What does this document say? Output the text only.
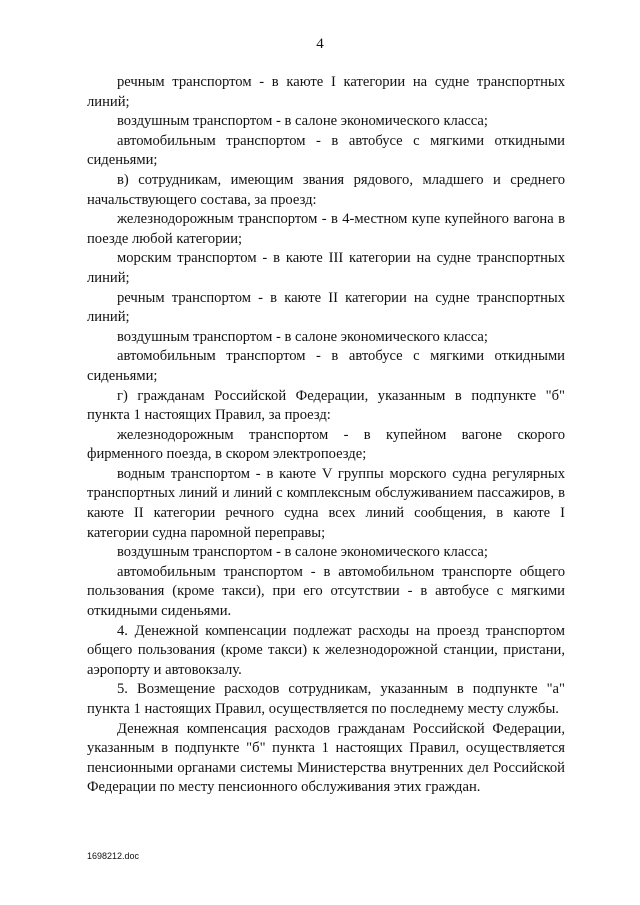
4

речным транспортом - в каюте I категории на судне транспортных линий;

воздушным транспортом - в салоне экономического класса;

автомобильным транспортом - в автобусе с мягкими откидными сиденьями;

в) сотрудникам, имеющим звания рядового, младшего и среднего начальствующего состава, за проезд:

железнодорожным транспортом - в 4-местном купе купейного вагона в поезде любой категории;

морским транспортом - в каюте III категории на судне транспортных линий;

речным транспортом - в каюте II категории на судне транспортных линий;

воздушным транспортом - в салоне экономического класса;

автомобильным транспортом - в автобусе с мягкими откидными сиденьями;

г) гражданам Российской Федерации, указанным в подпункте "б" пункта 1 настоящих Правил, за проезд:

железнодорожным транспортом - в купейном вагоне скорого фирменного поезда, в скором электропоезде;

водным транспортом - в каюте V группы морского судна регулярных транспортных линий и линий с комплексным обслуживанием пассажиров, в каюте II категории речного судна всех линий сообщения, в каюте I категории судна паромной переправы;

воздушным транспортом - в салоне экономического класса;

автомобильным транспортом - в автомобильном транспорте общего пользования (кроме такси), при его отсутствии - в автобусе с мягкими откидными сиденьями.

4. Денежной компенсации подлежат расходы на проезд транспортом общего пользования (кроме такси) к железнодорожной станции, пристани, аэропорту и автовокзалу.

5. Возмещение расходов сотрудникам, указанным в подпункте "а" пункта 1 настоящих Правил, осуществляется по последнему месту службы.

Денежная компенсация расходов гражданам Российской Федерации, указанным в подпункте "б" пункта 1 настоящих Правил, осуществляется пенсионными органами системы Министерства внутренних дел Российской Федерации по месту пенсионного обслуживания этих граждан.

1698212.doc
